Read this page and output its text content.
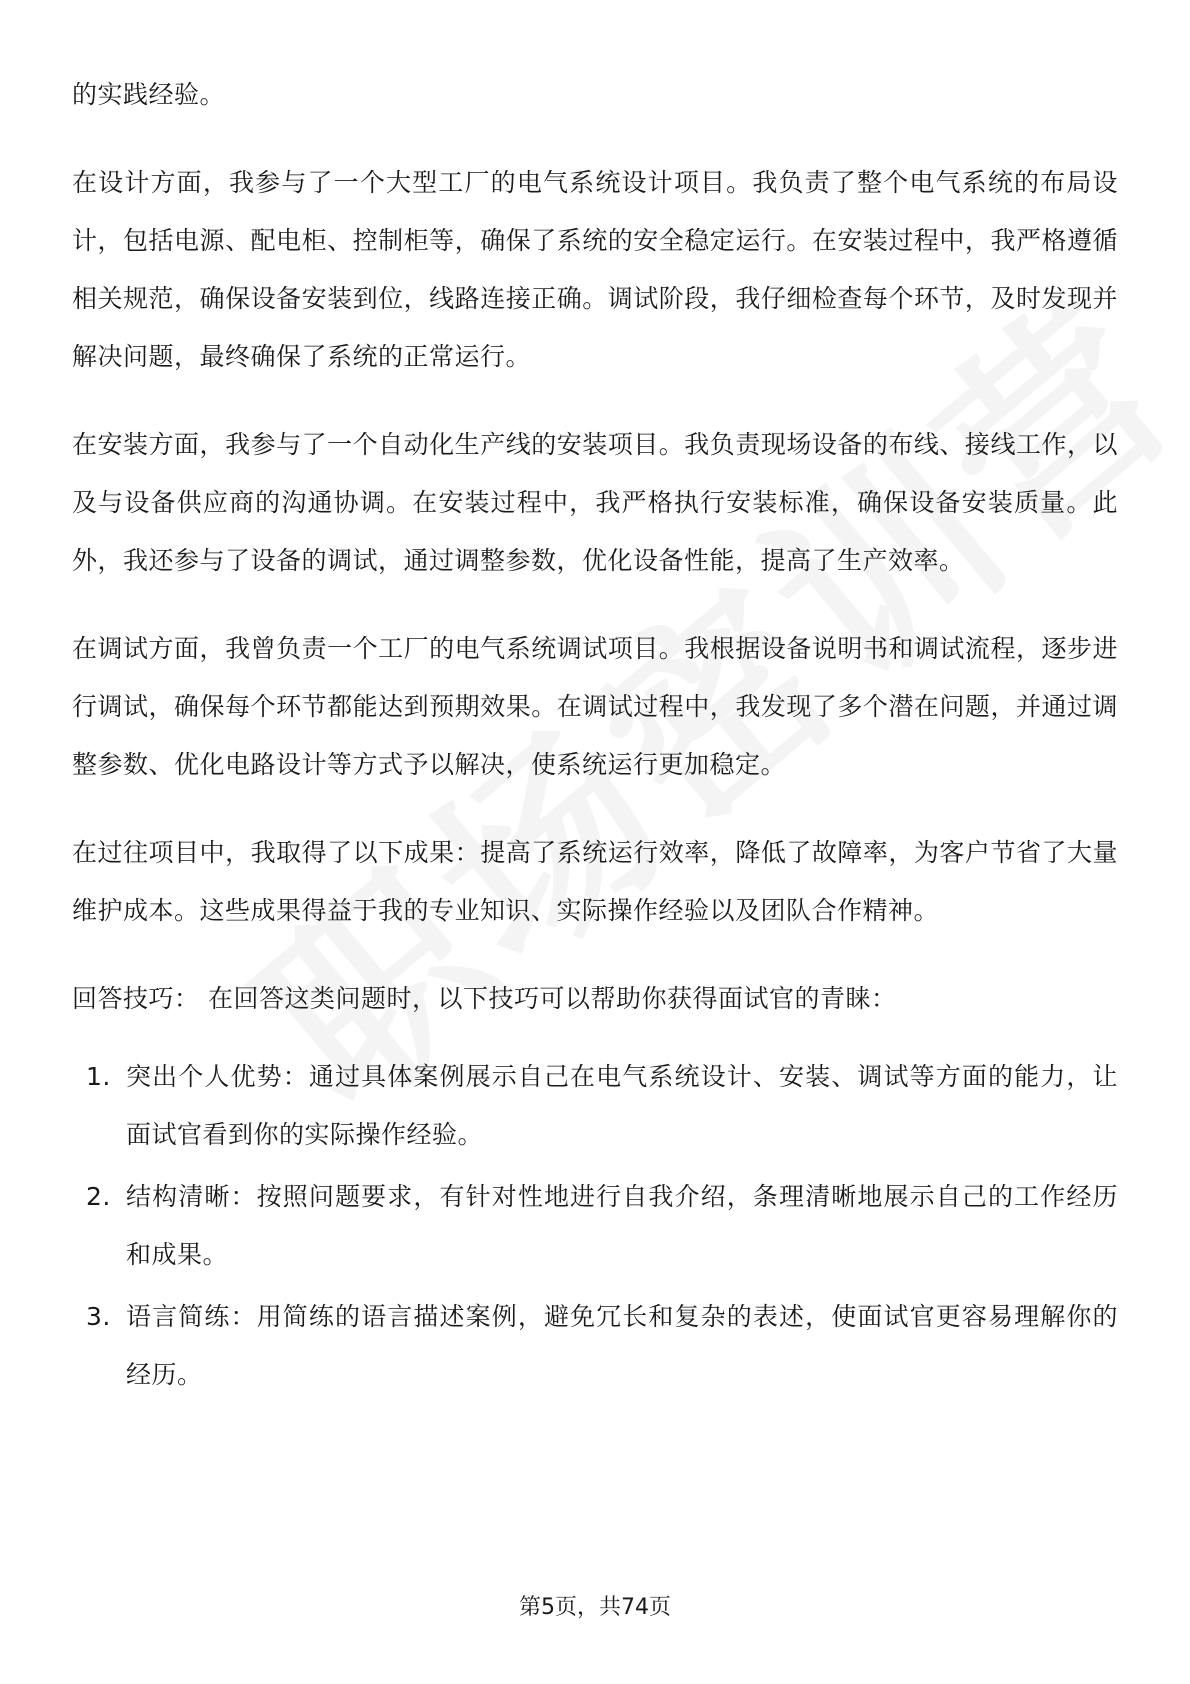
的实践经验。

在设计方面，我参与了一个大型工厂的电气系统设计项目。我负责了整个电气系统的布局设计，包括电源、配电柜、控制柜等，确保了系统的安全稳定运行。在安装过程中，我严格遵循相关规范，确保设备安装到位，线路连接正确。调试阶段，我仔细检查每个环节，及时发现并解决问题，最终确保了系统的正常运行。

在安装方面，我参与了一个自动化生产线的安装项目。我负责现场设备的布线、接线工作，以及与设备供应商的沟通协调。在安装过程中，我严格执行安装标准，确保设备安装质量。此外，我还参与了设备的调试，通过调整参数，优化设备性能，提高了生产效率。

在调试方面，我曾负责一个工厂的电气系统调试项目。我根据设备说明书和调试流程，逐步进行调试，确保每个环节都能达到预期效果。在调试过程中，我发现了多个潜在问题，并通过调整参数、优化电路设计等方式予以解决，使系统运行更加稳定。

在过往项目中，我取得了以下成果：提高了系统运行效率，降低了故障率，为客户节省了大量维护成本。这些成果得益于我的专业知识、实际操作经验以及团队合作精神。

回答技巧： 在回答这类问题时，以下技巧可以帮助你获得面试官的青睐：

1. 突出个人优势：通过具体案例展示自己在电气系统设计、安装、调试等方面的能力，让面试官看到你的实际操作经验。
2. 结构清晰：按照问题要求，有针对性地进行自我介绍，条理清晰地展示自己的工作经历和成果。
3. 语言简练：用简练的语言描述案例，避免冗长和复杂的表述，使面试官更容易理解你的经历。
第5页，共74页
